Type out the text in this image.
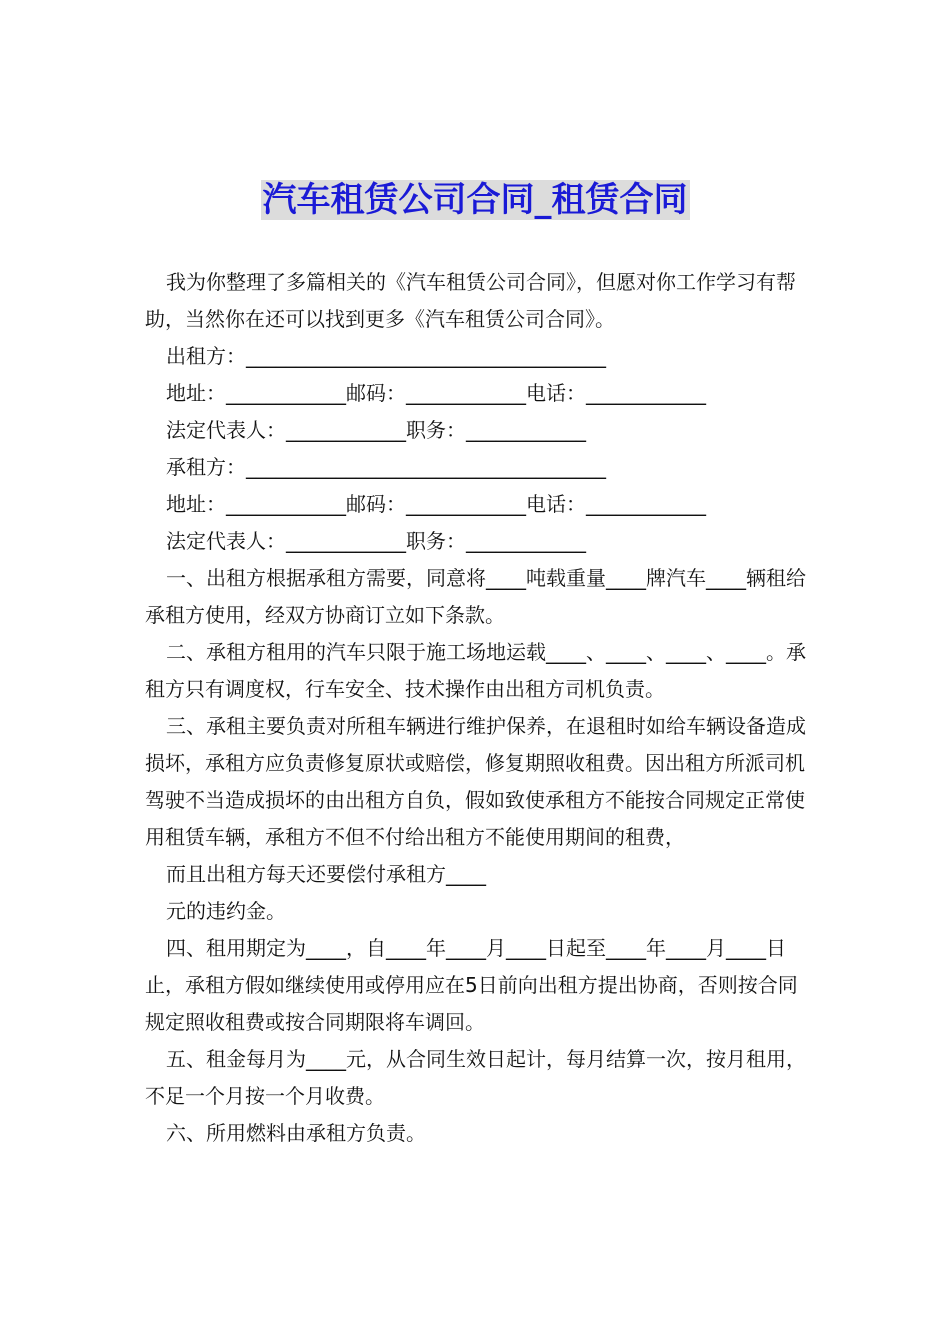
汽车租赁公司合同_租赁合同

我为你整理了多篇相关的《汽车租赁公司合同》，但愿对你工作学习有帮助，当然你在还可以找到更多《汽车租赁公司合同》。

出租方：____________________________________

地址：____________邮码：____________电话：____________

法定代表人：____________职务：____________

承租方：____________________________________

地址：____________邮码：____________电话：____________

法定代表人：____________职务：____________

一、出租方根据承租方需要，同意将____吨载重量____牌汽车____辆租给承租方使用，经双方协商订立如下条款。

二、承租方租用的汽车只限于施工场地运载____、____、____、____。承租方只有调度权，行车安全、技术操作由出租方司机负责。

三、承租主要负责对所租车辆进行维护保养，在退租时如给车辆设备造成损坏，承租方应负责修复原状或赔偿，修复期照收租费。因出租方所派司机驾驶不当造成损坏的由出租方自负，假如致使承租方不能按合同规定正常使用租赁车辆，承租方不但不付给出租方不能使用期间的租费，

而且出租方每天还要偿付承租方____

元的违约金。

四、租用期定为____，自____年____月____日起至____年____月____日止，承租方假如继续使用或停用应在5日前向出租方提出协商，否则按合同规定照收租费或按合同期限将车调回。

五、租金每月为____元，从合同生效日起计，每月结算一次，按月租用，不足一个月按一个月收费。

六、所用燃料由承租方负责。
